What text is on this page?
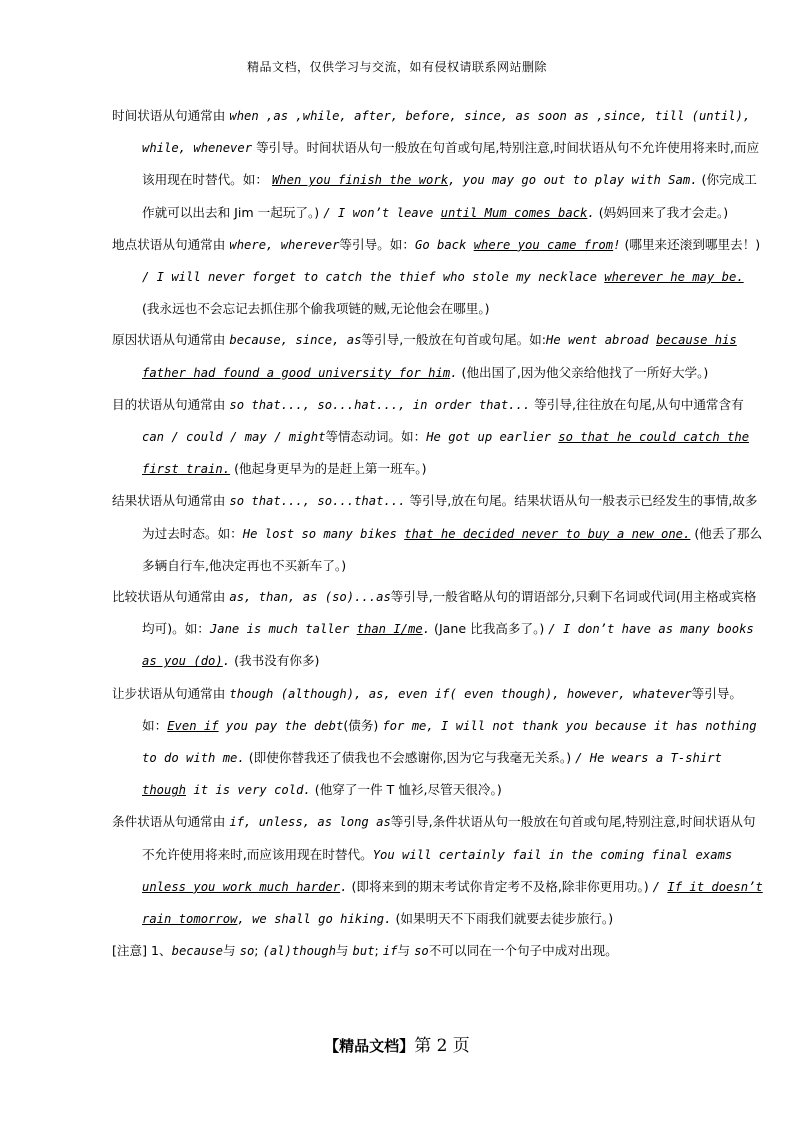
精品文档，仅供学习与交流，如有侵权请联系网站删除

时间状语从句通常由 when ,as ,while, after, before, since, as soon as ,since, till (until), while, whenever 等引导。时间状语从句一般放在句首或句尾,特别注意,时间状语从句不允许使用将来时,而应该用现在时替代。如： When you finish the work, you may go out to play with Sam. (你完成工作就可以出去和 Jim 一起玩了。) / I won’t leave until Mum comes back. (妈妈回来了我才会走。)

地点状语从句通常由 where, wherever等引导。如：Go back where you came from! (哪里来还滚到哪里去！) / I will never forget to catch the thief who stole my necklace wherever he may be. (我永远也不会忘记去抓住那个偷我项链的贼,无论他会在哪里。)

原因状语从句通常由 because, since, as等引导,一般放在句首或句尾。如:He went abroad because his father had found a good university for him. (他出国了,因为他父亲给他找了一所好大学。)

目的状语从句通常由 so that..., so...hat..., in order that... 等引导,往往放在句尾,从句中通常含有 can / could / may / might等情态动词。如：He got up earlier so that he could catch the first train. (他起身更早为的是赶上第一班车。)

结果状语从句通常由 so that..., so...that... 等引导,放在句尾。结果状语从句一般表示已经发生的事情,故多为过去时态。如：He lost so many bikes that he decided never to buy a new one. (他丢了那么多辆自行车,他决定再也不买新车了。)

比较状语从句通常由 as, than, as (so)...as等引导,一般省略从句的谓语部分,只剩下名词或代词(用主格或宾格均可)。如：Jane is much taller than I/me. (Jane 比我高多了。) / I don’t have as many books as you (do). (我书没有你多)

让步状语从句通常由 though (although), as, even if( even though), however, whatever等引导。如：Even if you pay the debt(债务) for me, I will not thank you because it has nothing to do with me. (即使你替我还了债我也不会感谢你,因为它与我毫无关系。) / He wears a T-shirt though it is very cold. (他穿了一件 T 恤衫,尽管天很冷。)

条件状语从句通常由 if, unless, as long as等引导,条件状语从句一般放在句首或句尾,特别注意,时间状语从句不允许使用将来时,而应该用现在时替代。You will certainly fail in the coming final exams unless you work much harder. (即将来到的期末考试你肯定考不及格,除非你更用功。) / If it doesn’t rain tomorrow, we shall go hiking. (如果明天不下雨我们就要去徒步旅行。)

[注意] 1、because与 so; (al)though与 but; if与 so不可以同在一个句子中成对出现。

【精品文档】第 2 页
